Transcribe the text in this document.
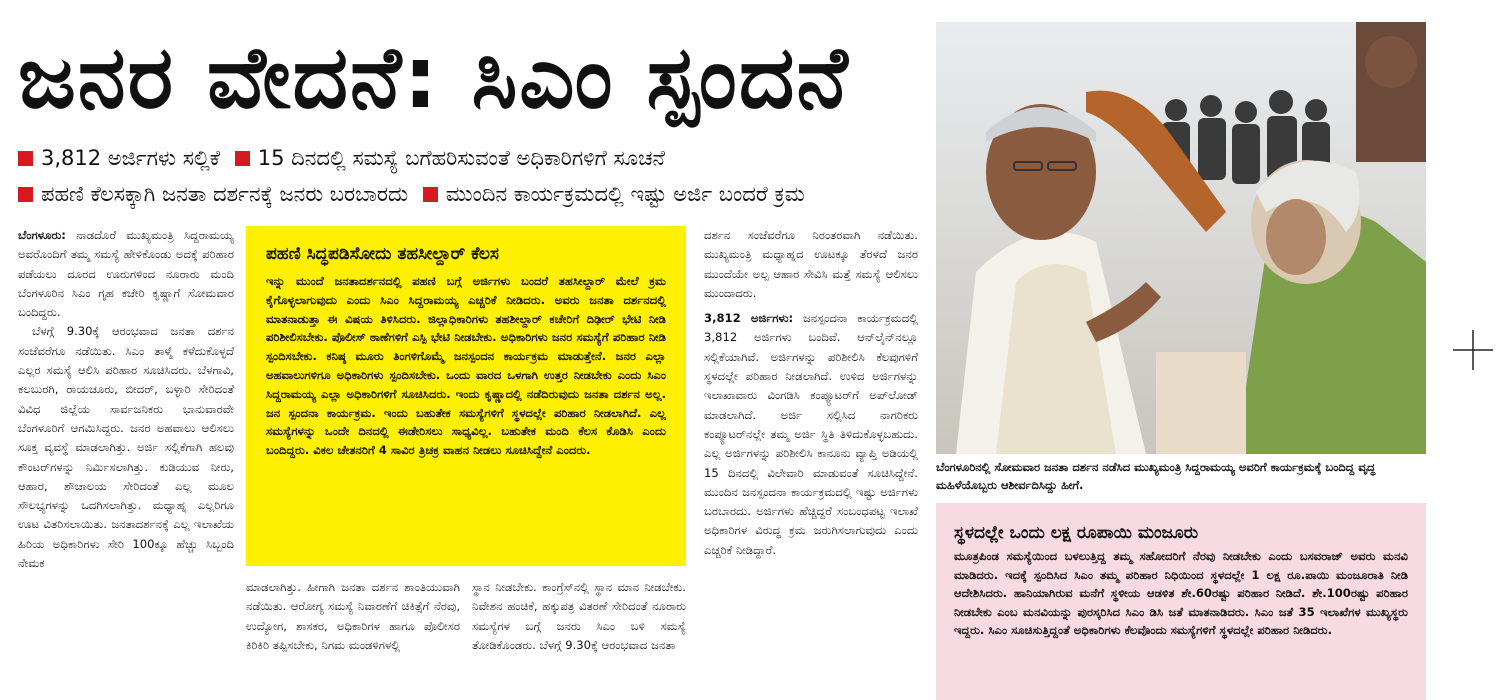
ಜನರ ವೇದನೆ: ಸಿಎಂ ಸ್ಪಂದನೆ
3,812 ಅರ್ಜಿಗಳು ಸಲ್ಲಿಕೆ 15 ದಿನದಲ್ಲಿ ಸಮಸ್ಯೆ ಬಗೆಹರಿಸುವಂತೆ ಅಧಿಕಾರಿಗಳಿಗೆ ಸೂಚನೆ
ಪಹಣಿ ಕೆಲಸಕ್ಕಾಗಿ ಜನತಾ ದರ್ಶನಕ್ಕೆ ಜನರು ಬರಬಾರದು ಮುಂದಿನ ಕಾರ್ಯಕ್ರಮದಲ್ಲಿ ಇಷ್ಟು ಅರ್ಜಿ ಬಂದರೆ ಕ್ರಮ

ಬೆಂಗಳೂರು: ನಾಡದೊರೆ ಮುಖ್ಯಮಂತ್ರಿ ಸಿದ್ದರಾಮಯ್ಯ ಅವರೊಂದಿಗೆ ತಮ್ಮ ಸಮಸ್ಯೆ ಹೇಳಿಕೊಂಡು ಅದಕ್ಕೆ ಪರಿಹಾರ ಪಡೆಯಲು ದೂರದ ಊರುಗಳಿಂದ ನೂರಾರು ಮಂದಿ ಬೆಂಗಳೂರಿನ ಸಿಎಂ ಗೃಹ ಕಚೇರಿ ಕೃಷ್ಣಾಗೆ ಸೋಮವಾರ ಬಂದಿದ್ದರು.

ಬೆಳಗ್ಗೆ 9.30ಕ್ಕೆ ಆರಂಭವಾದ ಜನತಾ ದರ್ಶನ ಸಂಜೆವರೆಗೂ ನಡೆಯಿತು. ಸಿಎಂ ತಾಳ್ಮೆ ಕಳೆದುಕೊಳ್ಳದೆ ಎಲ್ಲರ ಸಮಸ್ಯೆ ಆಲಿಸಿ ಪರಿಹಾರ ಸೂಚಿಸಿದರು. ಬೆಳಗಾವಿ, ಕಲಬುರಗಿ, ರಾಯಚೂರು, ಬೀದರ್, ಬಳ್ಳಾರಿ ಸೇರಿದಂತೆ ವಿವಿಧ ಜಿಲ್ಲೆಯ ಸಾರ್ವಜನಿಕರು ಭಾನುವಾರವೇ ಬೆಂಗಳೂರಿಗೆ ಆಗಮಿಸಿದ್ದರು. ಜನರ ಅಹವಾಲು ಆಲಿಸಲು ಸೂಕ್ತ ವ್ಯವಸ್ಥೆ ಮಾಡಲಾಗಿತ್ತು. ಅರ್ಜಿ ಸಲ್ಲಿಕೆಗಾಗಿ ಹಲವು ಕೌಂಟರ್‌ಗಳನ್ನು ನಿರ್ಮಿಸಲಾಗಿತ್ತು. ಕುಡಿಯುವ ನೀರು, ಆಹಾರ, ಶೌಚಾಲಯ ಸೇರಿದಂತೆ ಎಲ್ಲ ಮೂಲ ಸೌಲಭ್ಯಗಳನ್ನು ಒದಗಿಸಲಾಗಿತ್ತು. ಮಧ್ಯಾಹ್ನ ಎಲ್ಲರಿಗೂ ಊಟ ವಿತರಿಸಲಾಯಿತು. ಜನತಾದರ್ಶನಕ್ಕೆ ಎಲ್ಲ ಇಲಾಖೆಯ ಹಿರಿಯ ಅಧಿಕಾರಿಗಳು ಸೇರಿ 100ಕ್ಕೂ ಹೆಚ್ಚು ಸಿಬ್ಬಂದಿ ನೇಮಕ

ಪಹಣಿ ಸಿದ್ಧಪಡಿಸೋದು ತಹಸೀಲ್ದಾರ್ ಕೆಲಸ
ಇನ್ನು ಮುಂದೆ ಜನತಾದರ್ಶನದಲ್ಲಿ ಪಹಣಿ ಬಗ್ಗೆ ಅರ್ಜಿಗಳು ಬಂದರೆ ತಹಸೀಲ್ದಾರ್ ಮೇಲೆ ಕ್ರಮ ಕೈಗೊಳ್ಳಲಾಗುವುದು ಎಂದು ಸಿಎಂ ಸಿದ್ದರಾಮಯ್ಯ ಎಚ್ಚರಿಕೆ ನೀಡಿದರು. ಅವರು ಜನತಾ ದರ್ಶನದಲ್ಲಿ ಮಾತನಾಡುತ್ತಾ ಈ ವಿಷಯ ತಿಳಿಸಿದರು. ಜಿಲ್ಲಾಧಿಕಾರಿಗಳು ತಹಶೀಲ್ದಾರ್ ಕಚೇರಿಗೆ ದಿಢೀರ್ ಭೇಟಿ ನೀಡಿ ಪರಿಶೀಲಿಸಬೇಕು. ಪೊಲೀಸ್ ಠಾಣೆಗಳಿಗೆ ಎಸ್ಪಿ ಭೇಟಿ ನೀಡಬೇಕು. ಅಧಿಕಾರಿಗಳು ಜನರ ಸಮಸ್ಯೆಗೆ ಪರಿಹಾರ ನೀಡಿ ಸ್ಪಂದಿಸಬೇಕು. ಕನಿಷ್ಠ ಮೂರು ತಿಂಗಳಿಗೊಮ್ಮೆ ಜನಸ್ಪಂದನ ಕಾರ್ಯಕ್ರಮ ಮಾಡುತ್ತೇನೆ. ಜನರ ಎಲ್ಲಾ ಅಹವಾಲುಗಳಿಗೂ ಅಧಿಕಾರಿಗಳು ಸ್ಪಂದಿಸಬೇಕು. ಒಂದು ವಾರದ ಒಳಗಾಗಿ ಉತ್ತರ ನೀಡಬೇಕು ಎಂದು ಸಿಎಂ ಸಿದ್ದರಾಮಯ್ಯ ಎಲ್ಲಾ ಅಧಿಕಾರಿಗಳಿಗೆ ಸೂಚಿಸಿದರು. ಇಂದು ಕೃಷ್ಣಾದಲ್ಲಿ ನಡೆದಿರುವುದು ಜನತಾ ದರ್ಶನ ಅಲ್ಲ. ಜನ ಸ್ಪಂದನಾ ಕಾರ್ಯಕ್ರಮ. ಇಂದು ಬಹುತೇಕ ಸಮಸ್ಯೆಗಳಿಗೆ ಸ್ಥಳದಲ್ಲೇ ಪರಿಹಾರ ನೀಡಲಾಗಿದೆ. ಎಲ್ಲ ಸಮಸ್ಯೆಗಳನ್ನು ಒಂದೇ ದಿನದಲ್ಲಿ ಈಡೇರಿಸಲು ಸಾಧ್ಯವಿಲ್ಲ. ಬಹುತೇಕ ಮಂದಿ ಕೆಲಸ ಕೊಡಿಸಿ ಎಂದು ಬಂದಿದ್ದರು. ವಿಕಲ ಚೇತನರಿಗೆ 4 ಸಾವಿರ ತ್ರಿಚಕ್ರ ವಾಹನ ನೀಡಲು ಸೂಚಿಸಿದ್ದೇನೆ ಎಂದರು.

ಮಾಡಲಾಗಿತ್ತು. ಹೀಗಾಗಿ ಜನತಾ ದರ್ಶನ ಶಾಂತಿಯುವಾಗಿ ನಡೆಯಿತು. ಆರೋಗ್ಯ ಸಮಸ್ಯೆ ನಿವಾರಣೆಗೆ ಚಿಕಿತ್ಸೆಗೆ ನೆರವು, ಉದ್ಯೋಗ, ಶಾಸಕರ, ಅಧಿಕಾರಿಗಳ ಹಾಗೂ ಪೊಲೀಸರ ಕಿರಿಕಿರಿ ತಪ್ಪಿಸಬೇಕು, ನಿಗಮ ಮಂಡಳಿಗಳಲ್ಲಿ

ಸ್ಥಾನ ನೀಡಬೇಕು. ಕಾಂಗ್ರೆಸ್‌ನಲ್ಲಿ ಸ್ಥಾನ ಮಾನ ನೀಡಬೇಕು. ನಿವೇಶನ ಹಂಚಿಕೆ, ಹಕ್ಕುಪತ್ರ ವಿತರಣೆ ಸೇರಿದಂತೆ ನೂರಾರು ಸಮಸ್ಯೆಗಳ ಬಗ್ಗೆ ಜನರು ಸಿಎಂ ಬಳಿ ಸಮಸ್ಯೆ ತೋಡಿಕೊಂಡರು. ಬೆಳಗ್ಗೆ 9.30ಕ್ಕೆ ಆರಂಭವಾದ ಜನತಾ

ದರ್ಶನ ಸಂಜೆವರೆಗೂ ನಿರಂತರವಾಗಿ ನಡೆಯಿತು. ಮುಖ್ಯಮಂತ್ರಿ ಮಧ್ಯಾಹ್ನದ ಊಟಕ್ಕೂ ತೆರಳದೆ ಜನರ ಮುಂದೆಯೇ ಅಲ್ಪ ಆಹಾರ ಸೇವಿಸಿ ಮತ್ತೆ ಸಮಸ್ಯೆ ಆಲಿಸಲು ಮುಂದಾದರು.

3,812 ಅರ್ಜಿಗಳು: ಜನಸ್ಪಂದನಾ ಕಾರ್ಯಕ್ರಮದಲ್ಲಿ 3,812 ಅರ್ಜಿಗಳು ಬಂದಿವೆ. ಆನ್‌ಲೈನ್‌ನಲ್ಲೂ ಸಲ್ಲಿಕೆಯಾಗಿವೆ. ಅರ್ಜಿಗಳನ್ನು ಪರಿಶೀಲಿಸಿ ಕೆಲವುಗಳಿಗೆ ಸ್ಥಳದಲ್ಲೇ ಪರಿಹಾರ ನೀಡಲಾಗಿದೆ. ಉಳಿದ ಅರ್ಜಿಗಳನ್ನು ಇಲಾಖಾವಾರು ವಿಂಗಡಿಸಿ ಕಂಪ್ಯೂಟರ್‌ಗೆ ಅಪ್‌ಲೋಡ್ ಮಾಡಲಾಗಿದೆ. ಅರ್ಜಿ ಸಲ್ಲಿಸಿದ ನಾಗರಿಕರು ಕಂಪ್ಯೂಟರ್‌ನಲ್ಲೇ ತಮ್ಮ ಅರ್ಜಿ ಸ್ಥಿತಿ ತಿಳಿದುಕೊಳ್ಳಬಹುದು. ಎಲ್ಲ ಅರ್ಜಿಗಳನ್ನು ಪರಿಶೀಲಿಸಿ ಕಾನೂನು ವ್ಯಾಪ್ತಿ ಅಡಿಯಲ್ಲಿ 15 ದಿನದಲ್ಲಿ ವಿಲೇವಾರಿ ಮಾಡುವಂತೆ ಸೂಚಿಸಿದ್ದೇನೆ. ಮುಂದಿನ ಜನಸ್ಪಂದನಾ ಕಾರ್ಯಕ್ರಮದಲ್ಲಿ ಇಷ್ಟು ಅರ್ಜಿಗಳು ಬರಬಾರದು. ಅರ್ಜಿಗಳು ಹೆಚ್ಚಿದ್ದರೆ ಸಂಬಂಧಪಟ್ಟ ಇಲಾಖೆ ಅಧಿಕಾರಿಗಳ ವಿರುದ್ಧ ಕ್ರಮ ಜರುಗಿಸಲಾಗುವುದು ಎಂದು ಎಚ್ಚರಿಕೆ ನೀಡಿದ್ದಾರೆ.

ಬೆಂಗಳೂರಿನಲ್ಲಿ ಸೋಮವಾರ ಜನತಾ ದರ್ಶನ ನಡೆಸಿದ ಮುಖ್ಯಮಂತ್ರಿ ಸಿದ್ದರಾಮಯ್ಯ ಅವರಿಗೆ ಕಾರ್ಯಕ್ರಮಕ್ಕೆ ಬಂದಿದ್ದ ವೃದ್ಧ ಮಹಿಳೆಯೊಬ್ಬರು ಆಶೀರ್ವದಿಸಿದ್ದು ಹೀಗೆ.
ಸ್ಥಳದಲ್ಲೇ ಒಂದು ಲಕ್ಷ ರೂಪಾಯಿ ಮಂಜೂರು
ಮೂತ್ರಪಿಂಡ ಸಮಸ್ಯೆಯಿಂದ ಬಳಲುತ್ತಿದ್ದ ತಮ್ಮ ಸಹೋದರಿಗೆ ನೆರವು ನೀಡಬೇಕು ಎಂದು ಬಸವರಾಜ್ ಅವರು ಮನವಿ ಮಾಡಿದರು. ಇದಕ್ಕೆ ಸ್ಪಂದಿಸಿದ ಸಿಎಂ ತಮ್ಮ ಪರಿಹಾರ ನಿಧಿಯಿಂದ ಸ್ಥಳದಲ್ಲೇ 1 ಲಕ್ಷ ರೂ.ಪಾಯಿ ಮಂಜೂರಾತಿ ನೀಡಿ ಆದೇಶಿಸಿದರು. ಹಾನಿಯಾಗಿರುವ ಮನೆಗೆ ಸ್ಥಳೀಯ ಆಡಳಿತ ಶೇ.60ರಷ್ಟು ಪರಿಹಾರ ನೀಡಿದೆ. ಶೇ.100ರಷ್ಟು ಪರಿಹಾರ ನೀಡಬೇಕು ಎಂಬ ಮನವಿಯನ್ನು ಪುರಸ್ಕರಿಸಿದ ಸಿಎಂ ಡಿಸಿ ಜತೆ ಮಾತನಾಡಿದರು. ಸಿಎಂ ಜತೆ 35 ಇಲಾಖೆಗಳ ಮುಖ್ಯಸ್ಥರು ಇದ್ದರು. ಸಿಎಂ ಸೂಚಿಸುತ್ತಿದ್ದಂತೆ ಅಧಿಕಾರಿಗಳು ಕೆಲವೊಂದು ಸಮಸ್ಯೆಗಳಿಗೆ ಸ್ಥಳದಲ್ಲೇ ಪರಿಹಾರ ನೀಡಿದರು.
